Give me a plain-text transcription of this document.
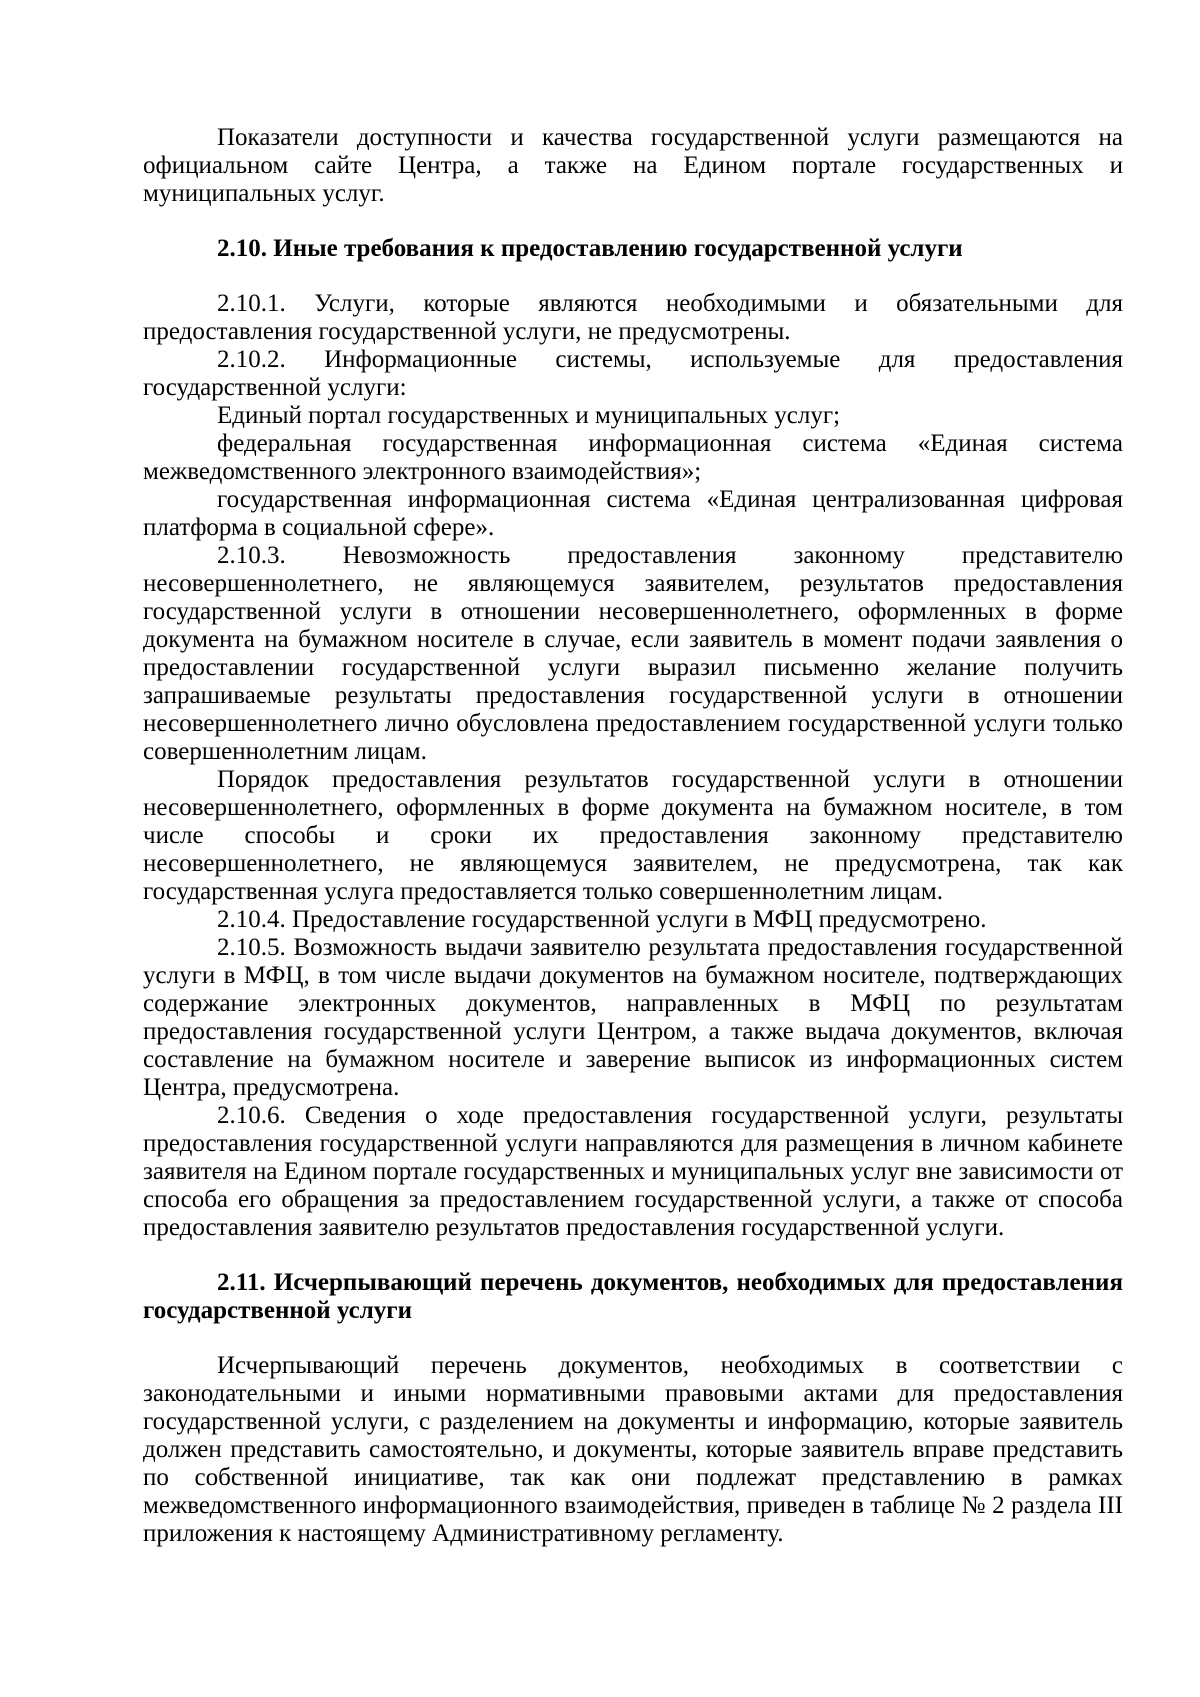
Показатели доступности и качества государственной услуги размещаются на официальном сайте Центра, а также на Едином портале государственных и муниципальных услуг.

2.10. Иные требования к предоставлению государственной услуги

2.10.1. Услуги, которые являются необходимыми и обязательными для предоставления государственной услуги, не предусмотрены.

2.10.2. Информационные системы, используемые для предоставления государственной услуги:

Единый портал государственных и муниципальных услуг;

федеральная государственная информационная система «Единая система межведомственного электронного взаимодействия»;

государственная информационная система «Единая централизованная цифровая платформа в социальной сфере».

2.10.3. Невозможность предоставления законному представителю несовершеннолетнего, не являющемуся заявителем, результатов предоставления государственной услуги в отношении несовершеннолетнего, оформленных в форме документа на бумажном носителе в случае, если заявитель в момент подачи заявления о предоставлении государственной услуги выразил письменно желание получить запрашиваемые результаты предоставления государственной услуги в отношении несовершеннолетнего лично обусловлена предоставлением государственной услуги только совершеннолетним лицам.

Порядок предоставления результатов государственной услуги в отношении несовершеннолетнего, оформленных в форме документа на бумажном носителе, в том числе способы и сроки их предоставления законному представителю несовершеннолетнего, не являющемуся заявителем, не предусмотрена, так как государственная услуга предоставляется только совершеннолетним лицам.

2.10.4. Предоставление государственной услуги в МФЦ предусмотрено.

2.10.5. Возможность выдачи заявителю результата предоставления государственной услуги в МФЦ, в том числе выдачи документов на бумажном носителе, подтверждающих содержание электронных документов, направленных в МФЦ по результатам предоставления государственной услуги Центром, а также выдача документов, включая составление на бумажном носителе и заверение выписок из информационных систем Центра, предусмотрена.

2.10.6. Сведения о ходе предоставления государственной услуги, результаты предоставления государственной услуги направляются для размещения в личном кабинете заявителя на Едином портале государственных и муниципальных услуг вне зависимости от способа его обращения за предоставлением государственной услуги, а также от способа предоставления заявителю результатов предоставления государственной услуги.

2.11. Исчерпывающий перечень документов, необходимых для предоставления государственной услуги

Исчерпывающий перечень документов, необходимых в соответствии с законодательными и иными нормативными правовыми актами для предоставления государственной услуги, с разделением на документы и информацию, которые заявитель должен представить самостоятельно, и документы, которые заявитель вправе представить по собственной инициативе, так как они подлежат представлению в рамках межведомственного информационного взаимодействия, приведен в таблице № 2 раздела III приложения к настоящему Административному регламенту.
